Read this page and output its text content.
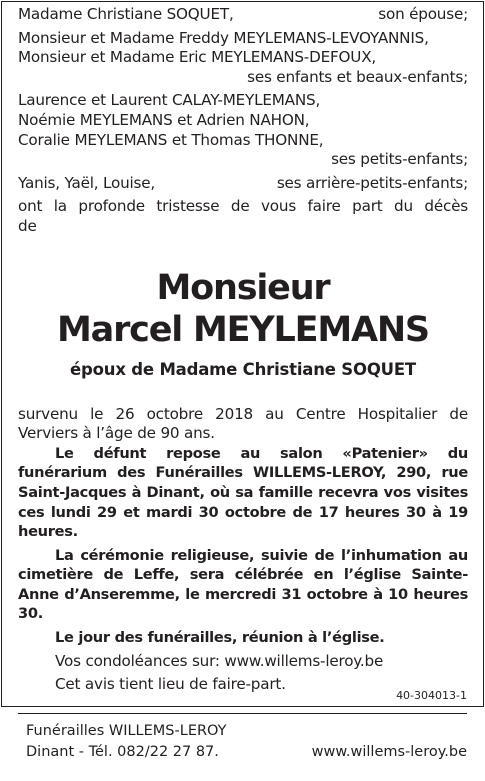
Madame Christiane SOQUET,	son épouse;
Monsieur et Madame Freddy MEYLEMANS-LEVOYANNIS,
Monsieur et Madame Eric MEYLEMANS-DEFOUX,
ses enfants et beaux-enfants;
Laurence et Laurent CALAY-MEYLEMANS,
Noémie MEYLEMANS et Adrien NAHON,
Coralie MEYLEMANS et Thomas THONNE,
ses petits-enfants;
Yanis, Yaël, Louise,	ses arrière-petits-enfants;
ont la profonde tristesse de vous faire part du décès
de
Monsieur
Marcel MEYLEMANS
époux de Madame Christiane SOQUET
survenu le 26 octobre 2018 au Centre Hospitalier de
Verviers à l’âge de 90 ans.
Le défunt repose au salon «Patenier» du funérarium des Funérailles WILLEMS-LEROY, 290, rue Saint-Jacques à Dinant, où sa famille recevra vos visites ces lundi 29 et mardi 30 octobre de 17 heures 30 à 19 heures.
La cérémonie religieuse, suivie de l’inhumation au cimetière de Leffe, sera célébrée en l’église Sainte-Anne d’Anseremme, le mercredi 31 octobre à 10 heures 30.
Le jour des funérailles, réunion à l’église.
Vos condoléances sur: www.willems-leroy.be
Cet avis tient lieu de faire-part.
40-304013-1
Funérailles WILLEMS-LEROY
Dinant - Tél. 082/22 27 87.	www.willems-leroy.be
